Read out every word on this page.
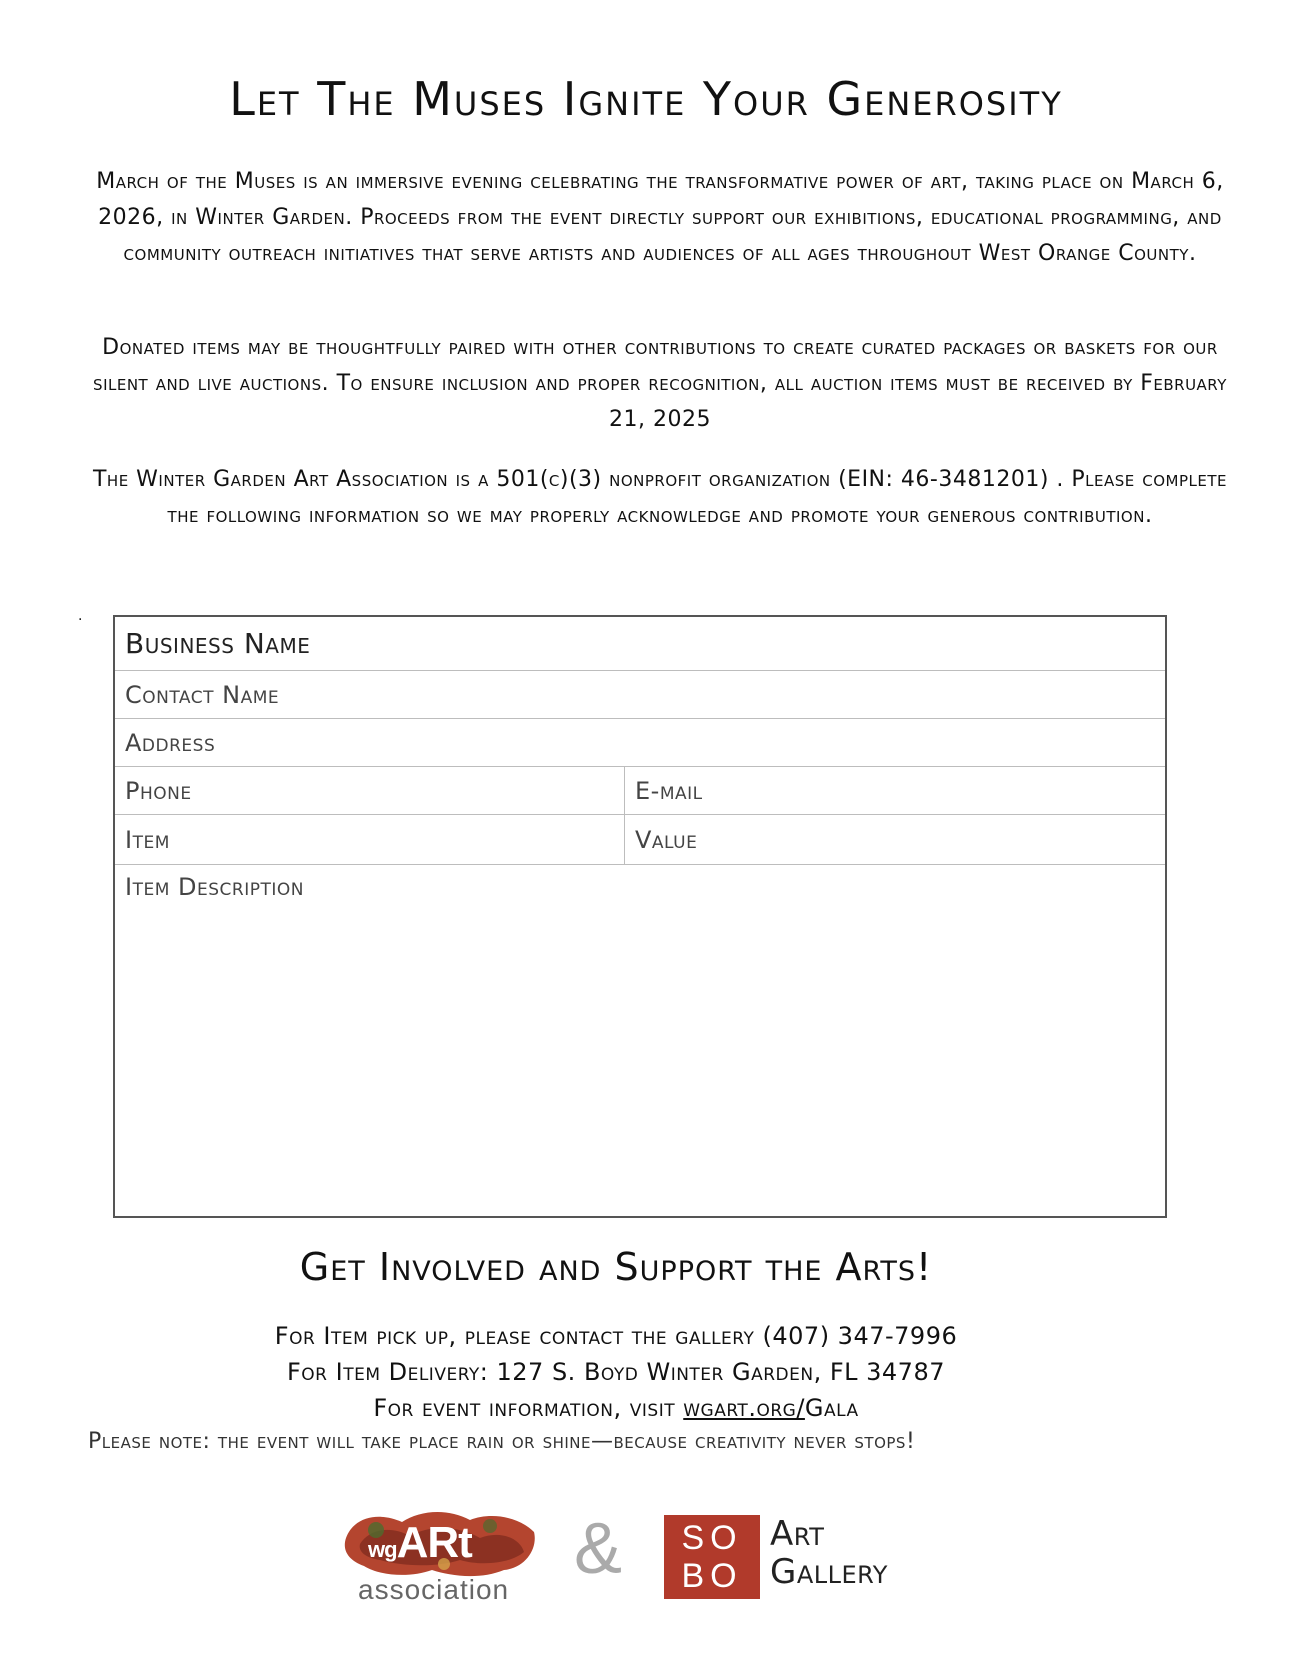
Let The Muses Ignite Your Generosity

March of the Muses is an immersive evening celebrating the transformative power of art, taking place on March 6, 2026, in Winter Garden. Proceeds from the event directly support our exhibitions, educational programming, and community outreach initiatives that serve artists and audiences of all ages throughout West Orange County.

Donated items may be thoughtfully paired with other contributions to create curated packages or baskets for our silent and live auctions. To ensure inclusion and proper recognition, all auction items must be received by February 21, 2025

The Winter Garden Art Association is a 501(c)(3) nonprofit organization (EIN: 46-3481201) . Please complete the following information so we may properly acknowledge and promote your generous contribution.

.
Business Name
Contact Name
Address
Phone	E-mail
Item	Value
Item Description
Get Involved and Support the Arts!

For Item pick up, please contact the gallery (407) 347-7996

For Item Delivery: 127 S. Boyd Winter Garden, FL 34787

For event information, visit wgart.org/Gala

Please note: the event will take place rain or shine—because creativity never stops!

wgARt
association
&	SO
BO
Art
Gallery
